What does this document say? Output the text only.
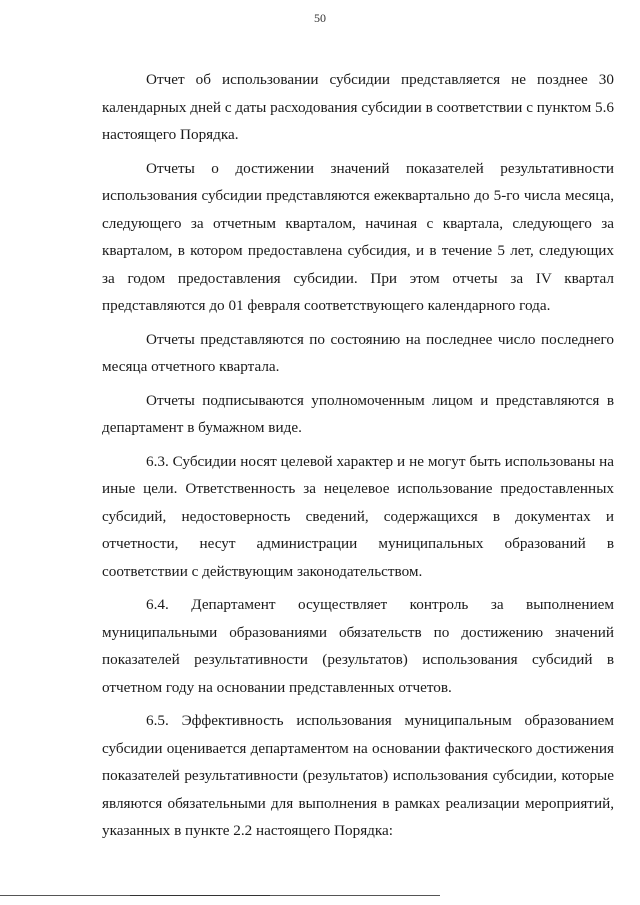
50

Отчет об использовании субсидии представляется не позднее 30 календарных дней с даты расходования субсидии в соответствии с пунктом 5.6 настоящего Порядка.

Отчеты о достижении значений показателей результативности использования субсидии представляются ежеквартально до 5-го числа месяца, следующего за отчетным кварталом, начиная с квартала, следующего за кварталом, в котором предоставлена субсидия, и в течение 5 лет, следующих за годом предоставления субсидии. При этом отчеты за IV квартал представляются до 01 февраля соответствующего календарного года.

Отчеты представляются по состоянию на последнее число последнего месяца отчетного квартала.

Отчеты подписываются уполномоченным лицом и представляются в департамент в бумажном виде.

6.3. Субсидии носят целевой характер и не могут быть использованы на иные цели. Ответственность за нецелевое использование предоставленных субсидий, недостоверность сведений, содержащихся в документах и отчетности, несут администрации муниципальных образований в соответствии с действующим законодательством.

6.4. Департамент осуществляет контроль за выполнением муниципальными образованиями обязательств по достижению значений показателей результативности (результатов) использования субсидий в отчетном году на основании представленных отчетов.

6.5. Эффективность использования муниципальным образованием субсидии оценивается департаментом на основании фактического достижения показателей результативности (результатов) использования субсидии, которые являются обязательными для выполнения в рамках реализации мероприятий, указанных в пункте 2.2 настоящего Порядка:
